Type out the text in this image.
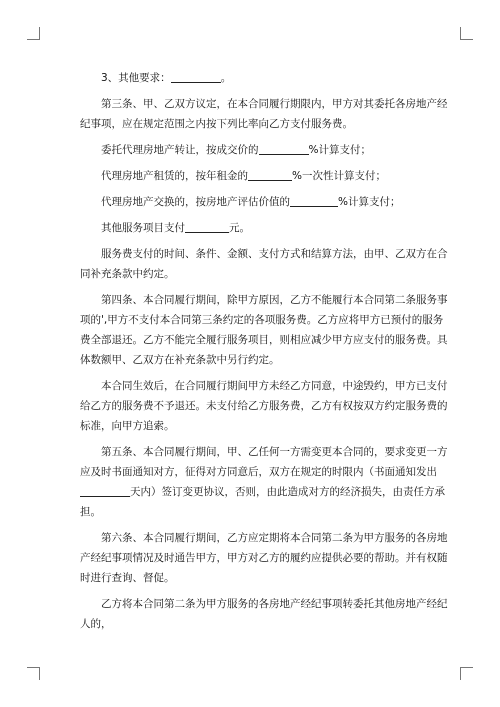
3、其他要求：	。

第三条、甲、乙双方议定，在本合同履行期限内，甲方对其委托各房地产经纪事项，应在规定范围之内按下列比率向乙方支付服务费。

委托代理房地产转让，按成交价的	%计算支付；

代理房地产租赁的，按年租金的	%一次性计算支付；

代理房地产交换的，按房地产评估价值的	%计算支付；

其他服务项目支付	元。

服务费支付的时间、条件、金额、支付方式和结算方法，由甲、乙双方在合同补充条款中约定。

第四条、本合同履行期间，除甲方原因，乙方不能履行本合同第二条服务事项的',甲方不支付本合同第三条约定的各项服务费。乙方应将甲方已预付的服务费全部退还。乙方不能完全履行服务项目，则相应减少甲方应支付的服务费。具体数额甲、乙双方在补充条款中另行约定。

本合同生效后，在合同履行期间甲方未经乙方同意，中途毁约，甲方已支付给乙方的服务费不予退还。未支付给乙方服务费，乙方有权按双方约定服务费的标准，向甲方追索。

第五条、本合同履行期间，甲、乙任何一方需变更本合同的，要求变更一方应及时书面通知对方，征得对方同意后，双方在规定的时限内（书面通知发出天内）签订变更协议，否则，由此造成对方的经济损失，由责任方承担。

第六条、本合同履行期间，乙方应定期将本合同第二条为甲方服务的各房地产经纪事项情况及时通告甲方，甲方对乙方的履约应提供必要的帮助。并有权随时进行查询、督促。

乙方将本合同第二条为甲方服务的各房地产经纪事项转委托其他房地产经纪人的，
